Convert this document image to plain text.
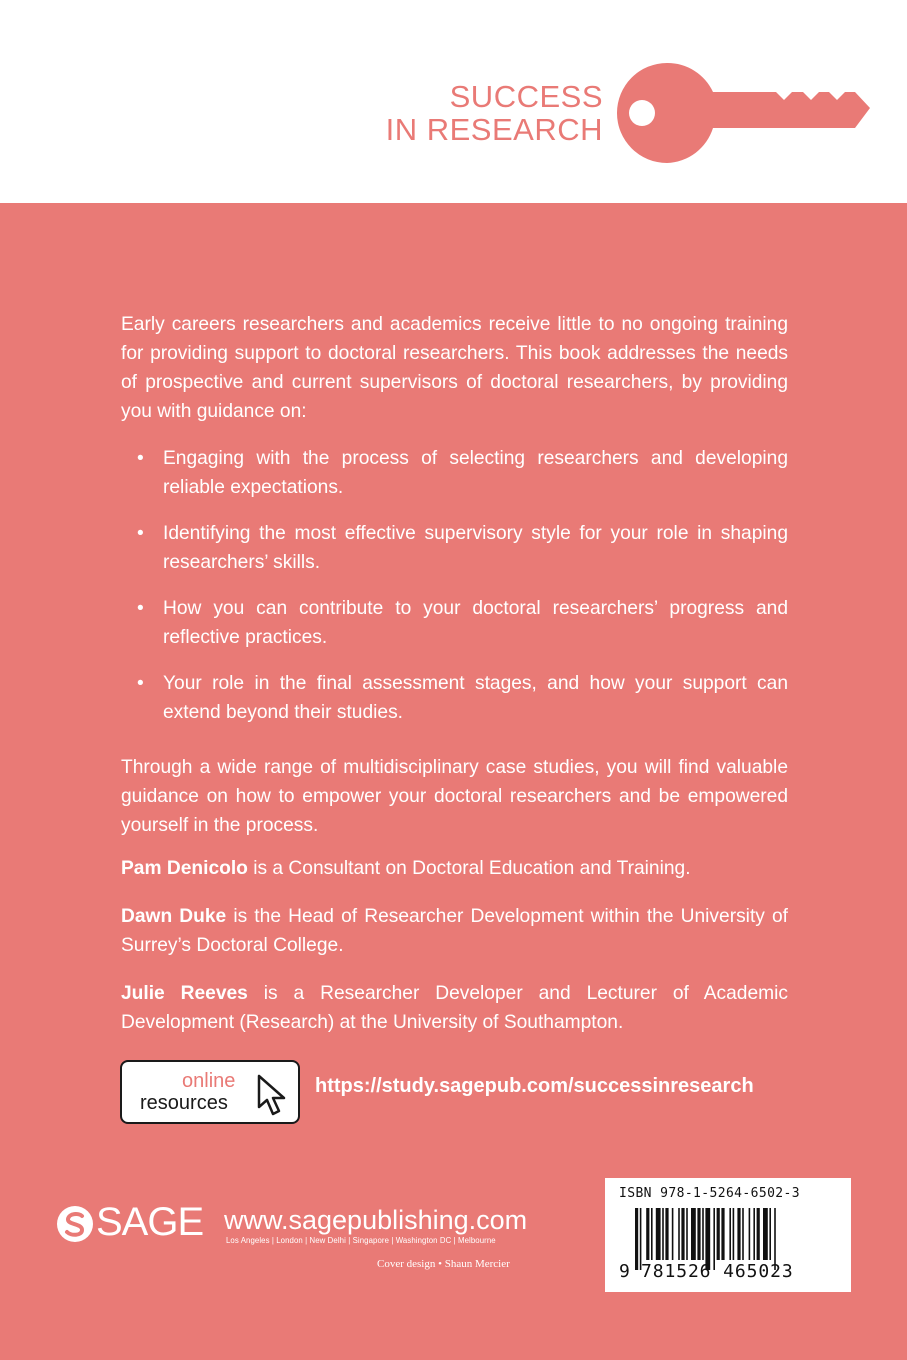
SUCCESS
IN RESEARCH

Early careers researchers and academics receive little to no ongoing training for providing support to doctoral researchers. This book addresses the needs of prospective and current supervisors of doctoral researchers, by providing you with guidance on:

• Engaging with the process of selecting researchers and developing reliable expectations.
• Identifying the most effective supervisory style for your role in shaping researchers’ skills.
• How you can contribute to your doctoral researchers’ progress and reflective practices.
• Your role in the final assessment stages, and how your support can extend beyond their studies.

Through a wide range of multidisciplinary case studies, you will find valuable guidance on how to empower your doctoral researchers and be empowered yourself in the process.

Pam Denicolo is a Consultant on Doctoral Education and Training.

Dawn Duke is the Head of Researcher Development within the University of Surrey’s Doctoral College.

Julie Reeves is a Researcher Developer and Lecturer of Academic Development (Research) at the University of Southampton.

online
resources
https://study.sagepub.com/successinresearch
SAGE www.sagepublishing.com
Los Angeles | London | New Delhi | Singapore | Washington DC | Melbourne
Cover design • Shaun Mercier
ISBN 978-1-5264-6502-3
9 781526 465023
